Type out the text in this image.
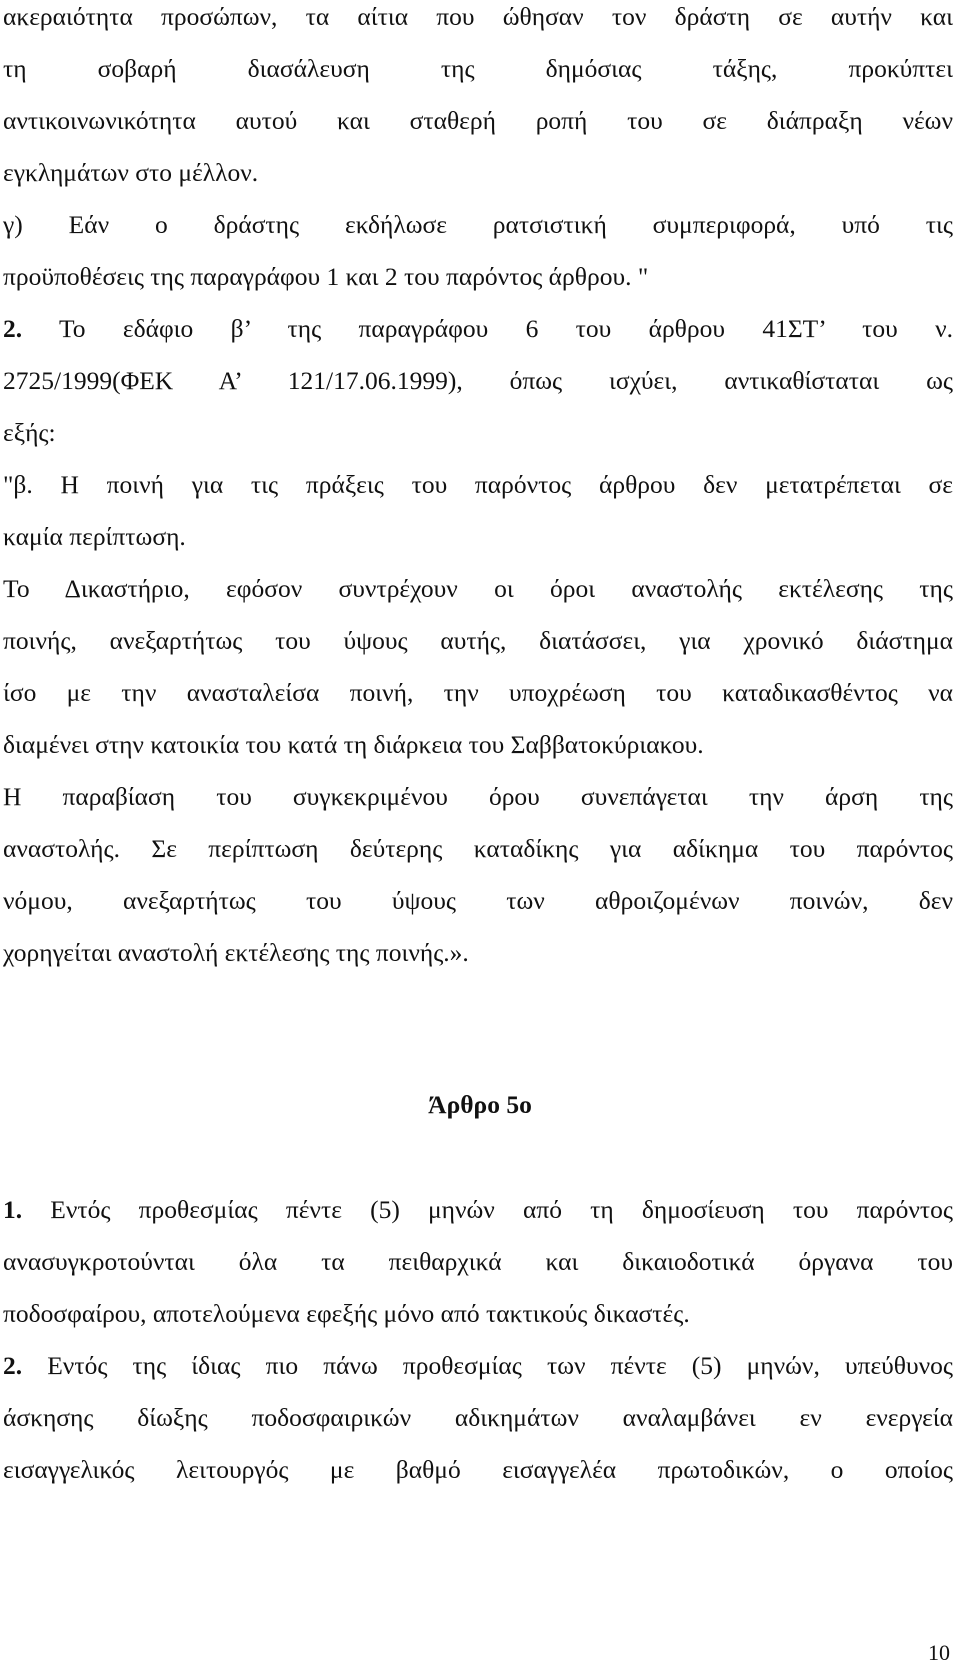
ακεραιότητα προσώπων, τα αίτια που ώθησαν τον δράστη σε αυτήν και
τη σοβαρή διασάλευση της δημόσιας τάξης, προκύπτει
αντικοινωνικότητα αυτού και σταθερή ροπή του σε διάπραξη νέων
εγκλημάτων στο μέλλον.
γ) Εάν ο δράστης εκδήλωσε ρατσιστική συμπεριφορά, υπό τις
προϋποθέσεις της παραγράφου 1 και 2 του παρόντος άρθρου. "
2. Το εδάφιο β’ της παραγράφου 6 του άρθρου 41ΣΤ’ του ν.
2725/1999(ΦΕΚ Α’ 121/17.06.1999), όπως ισχύει, αντικαθίσταται ως
εξής:
"β. Η ποινή για τις πράξεις του παρόντος άρθρου δεν μετατρέπεται σε
καμία περίπτωση.
Το Δικαστήριο, εφόσον συντρέχουν οι όροι αναστολής εκτέλεσης της
ποινής, ανεξαρτήτως του ύψους αυτής, διατάσσει, για χρονικό διάστημα
ίσο με την ανασταλείσα ποινή, την υποχρέωση του καταδικασθέντος να
διαμένει στην κατοικία του κατά τη διάρκεια του Σαββατοκύριακου.
Η παραβίαση του συγκεκριμένου όρου συνεπάγεται την άρση της
αναστολής. Σε περίπτωση δεύτερης καταδίκης για αδίκημα του παρόντος
νόμου, ανεξαρτήτως του ύψους των αθροιζομένων ποινών, δεν
χορηγείται αναστολή εκτέλεσης της ποινής.».
Άρθρο 5ο
1. Εντός προθεσμίας πέντε (5) μηνών από τη δημοσίευση του παρόντος
ανασυγκροτούνται όλα τα πειθαρχικά και δικαιοδοτικά όργανα του
ποδοσφαίρου, αποτελούμενα εφεξής μόνο από τακτικούς δικαστές.
2. Εντός της ίδιας πιο πάνω προθεσμίας των πέντε (5) μηνών, υπεύθυνος
άσκησης δίωξης ποδοσφαιρικών αδικημάτων αναλαμβάνει εν ενεργεία
εισαγγελικός λειτουργός με βαθμό εισαγγελέα πρωτοδικών, ο οποίος
10
